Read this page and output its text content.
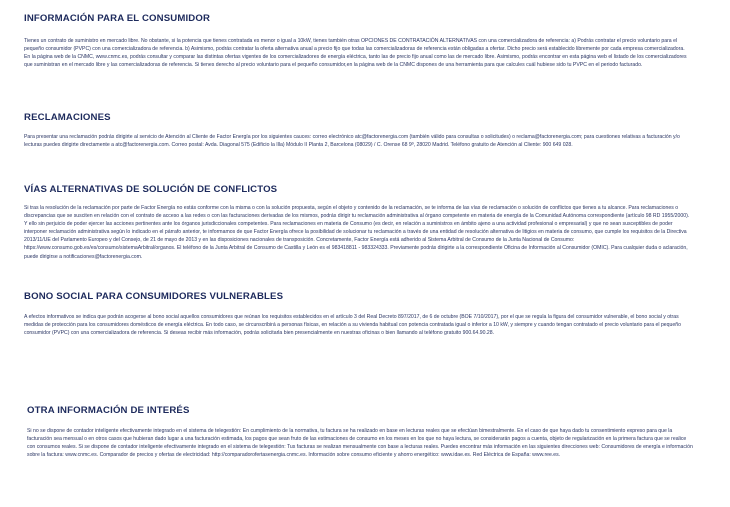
INFORMACIÓN PARA EL CONSUMIDOR

Tienes un contrato de suministro en mercado libre. No obstante, si la potencia que tienes contratada es menor o igual a 10kW, tienes también otras OPCIONES DE CONTRATACIÓN ALTERNATIVAS con una comercializadora de referencia: a) Podrás contratar el precio voluntario para el pequeño consumidor (PVPC) con una comercializadora de referencia. b) Asimismo, podrás contratar la oferta alternativa anual a precio fijo que todas las comercializadoras de referencia están obligadas a ofertar. Dicho precio será establecido libremente por cada empresa comercializadora. En la página web de la CNMC, www.cnmc.es, podrás consultar y comparar las distintas ofertas vigentes de los comercializadores de energía eléctrica, tanto las de precio fijo anual como las de mercado libre. Asimismo, podrás encontrar en esta página web el listado de los comercializadores que suministran en el mercado libre y las comercializadoras de referencia. Si tienes derecho al precio voluntario para el pequeño consumidor,en la página web de la CNMC dispones de una herramienta para que calcules cuál hubiese sido tu PVPC en el periodo facturado.

RECLAMACIONES

Para presentar una reclamación podrás dirigirte al servicio de Atención al Cliente de Factor Energía por los siguientes cauces: correo electrónico atc@factorenergia.com (también válido para consultas o solicitudes) o reclama@factorenergia.com; para cuestiones relativas a facturación y/o lecturas puedes dirigirte directamente a atc@factorenergia.com. Correo postal: Avda. Diagonal 575 (Edificio la Illa) Módulo II Planta 2, Barcelona (08029) / C. Orense 68 9º, 28020 Madrid. Teléfono gratuito de Atención al Cliente: 900 649 028.

VÍAS ALTERNATIVAS DE SOLUCIÓN DE CONFLICTOS

Si tras la resolución de la reclamación por parte de Factor Energía no estás conforme con la misma o con la solución propuesta, según el objeto y contenido de la reclamación, se te informa de las vías de reclamación o solución de conflictos que tienes a tu alcance. Para reclamaciones o discrepancias que se susciten en relación con el contrato de acceso a las redes o con las facturaciones derivadas de los mismos, podrás dirigir tu reclamación administrativa al órgano competente en materia de energía de la Comunidad Autónoma correspondiente (artículo 98 RD 1955/2000). Y ello sin perjuicio de poder ejercer las acciones pertinentes ante los órganos jurisdiccionales competentes. Para reclamaciones en materia de Consumo (es decir, en relación a suministros en ámbito ajeno a una actividad profesional o empresarial) y que no sean susceptibles de poder interponer reclamación administrativa según lo indicado en el párrafo anterior, te informamos de que Factor Energía ofrece la posibilidad de solucionar tu reclamación a través de una entidad de resolución alternativa de litigios en materia de consumo, que cumple los requisitos de la Directiva 2013/11/UE del Parlamento Europeo y del Consejo, de 21 de mayo de 2013 y en las disposiciones nacionales de transposición. Concretamente, Factor Energía está adherido al Sistema Arbitral de Consumo de la Junta Nacional de Consumo: https://www.consumo.gob.es/es/consumo/sistemaArbitral/organos. El teléfono de la Junta Arbitral de Consumo de Castilla y León es el 983418811 - 983324333. Previamente podrás dirigirte a la correspondiente Oficina de Información al Consumidor (OMIC). Para cualquier duda o aclaración, puede dirigirse a notificaciones@factorenergia.com.

BONO SOCIAL PARA CONSUMIDORES VULNERABLES

A efectos informativos se indica que podrán acogerse al bono social aquellos consumidores que reúnan los requisitos establecidos en el artículo 3 del Real Decreto 897/2017, de 6 de octubre (BOE 7/10/2017), por el que se regula la figura del consumidor vulnerable, el bono social y otras medidas de protección para los consumidores domésticos de energía eléctrica. En todo caso, se circunscribirá a personas físicas, en relación a su vivienda habitual con potencia contratada igual o inferior a 10 kW, y siempre y cuando tengan contratado el precio voluntario para el pequeño consumidor (PVPC) con una comercializadora de referencia. Si deseas recibir más información, podrás solicitarla bien presencialmente en nuestras oficinas o bien llamando al teléfono gratuito 900.64.90.28.

OTRA INFORMACIÓN DE INTERÉS

Si no se dispone de contador inteligente efectivamente integrado en el sistema de telegestión: En cumplimiento de la normativa, tu factura se ha realizado en base en lecturas reales que se efectúan bimestralmente. En el caso de que haya dado tu consentimiento expreso para que la facturación sea mensual o en otros casos que hubieran dado lugar a una facturación estimada, los pagos que sean fruto de las estimaciones de consumo en los meses en los que no haya lectura, se considerarán pagos a cuenta, objeto de regularización en la primera factura que se realice con consumos reales. Si se dispone de contador inteligente efectivamente integrado en el sistema de telegestión: Tus facturas se realizan mensualmente con base a lecturas reales. Puedes encontrar más información en las siguientes direcciones web: Consumidores de energía e información sobre la factura: www.cnmc.es. Comparador de precios y ofertas de electricidad: http://comparadorofertasenergia.cnmc.es. Información sobre consumo eficiente y ahorro energético: www.idae.es. Red Eléctrica de España: www.ree.es.
